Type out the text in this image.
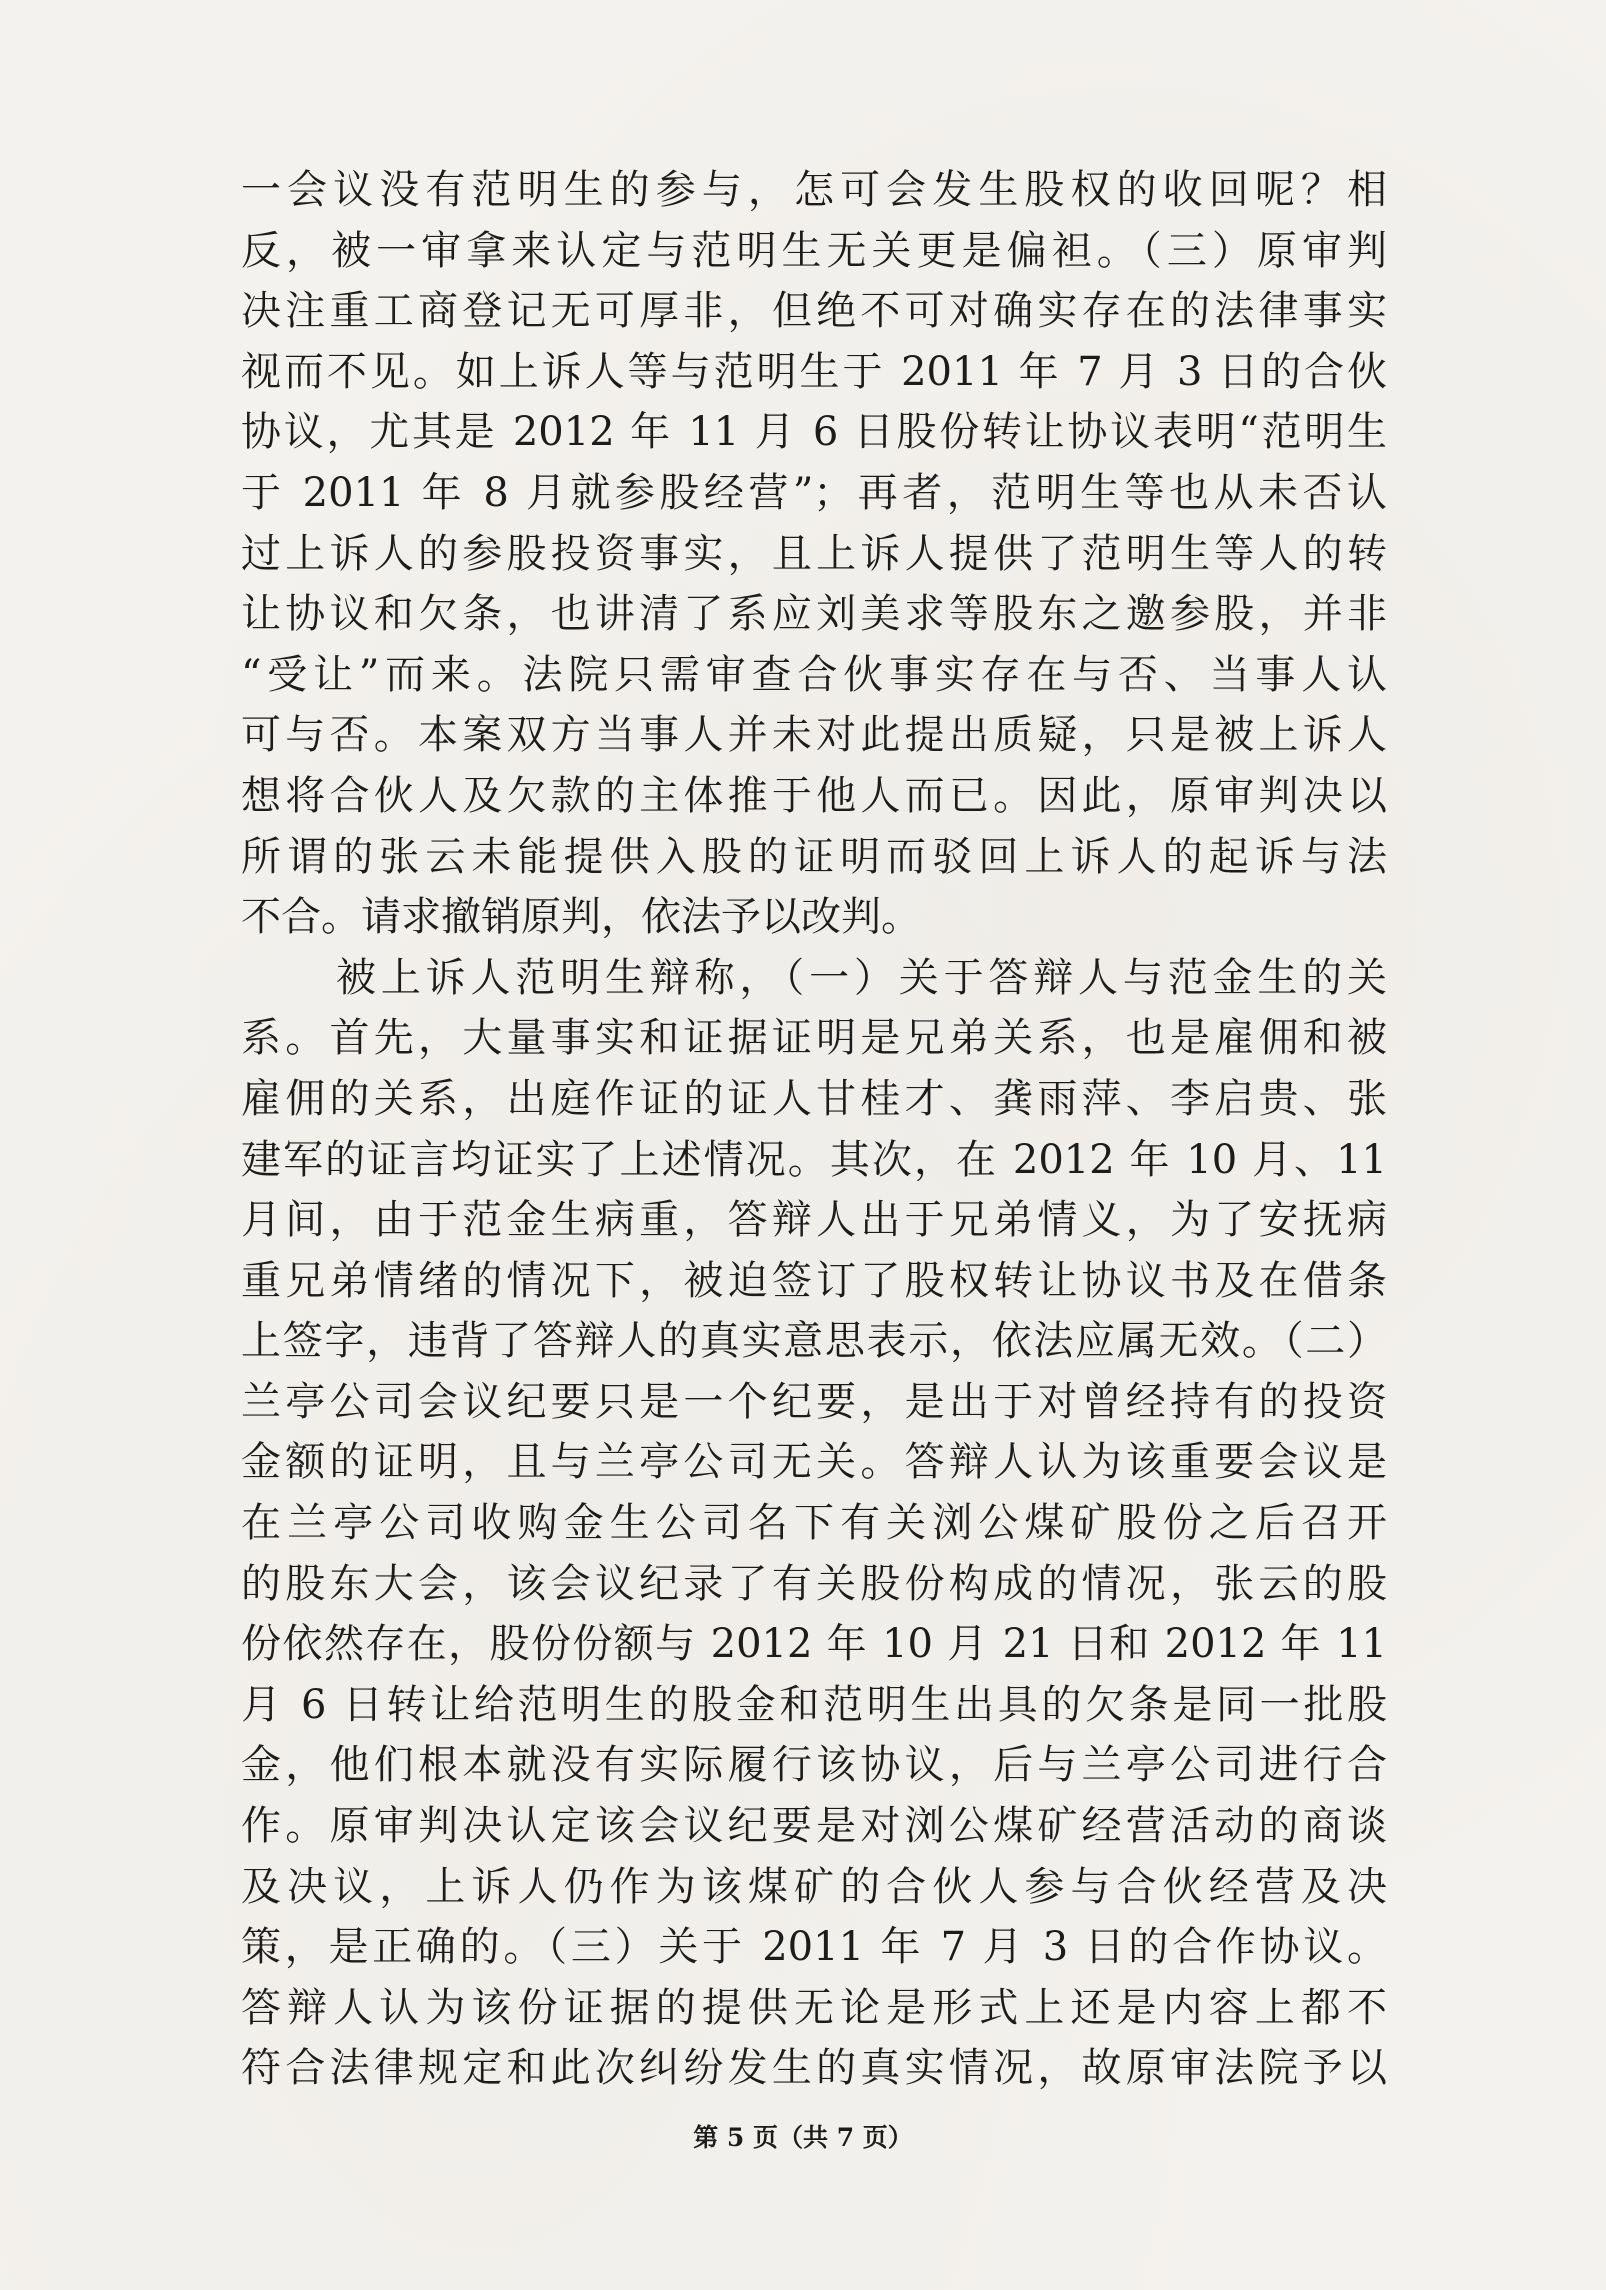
一会议没有范明生的参与，怎可会发生股权的收回呢？相
反，被一审拿来认定与范明生无关更是偏袒。（三）原审判
决注重工商登记无可厚非，但绝不可对确实存在的法律事实
视而不见。如上诉人等与范明生于 2011 年 7 月 3 日的合伙
协议，尤其是 2012 年 11 月 6 日股份转让协议表明“范明生
于 2011 年 8 月就参股经营”；再者，范明生等也从未否认
过上诉人的参股投资事实，且上诉人提供了范明生等人的转
让协议和欠条，也讲清了系应刘美求等股东之邀参股，并非
“受让”而来。法院只需审查合伙事实存在与否、当事人认
可与否。本案双方当事人并未对此提出质疑，只是被上诉人
想将合伙人及欠款的主体推于他人而已。因此，原审判决以
所谓的张云未能提供入股的证明而驳回上诉人的起诉与法
不合。请求撤销原判，依法予以改判。
被上诉人范明生辩称，（一）关于答辩人与范金生的关
系。首先，大量事实和证据证明是兄弟关系，也是雇佣和被
雇佣的关系，出庭作证的证人甘桂才、龚雨萍、李启贵、张
建军的证言均证实了上述情况。其次，在 2012 年 10 月、11
月间，由于范金生病重，答辩人出于兄弟情义，为了安抚病
重兄弟情绪的情况下，被迫签订了股权转让协议书及在借条
上签字，违背了答辩人的真实意思表示，依法应属无效。（二）
兰亭公司会议纪要只是一个纪要，是出于对曾经持有的投资
金额的证明，且与兰亭公司无关。答辩人认为该重要会议是
在兰亭公司收购金生公司名下有关浏公煤矿股份之后召开
的股东大会，该会议纪录了有关股份构成的情况，张云的股
份依然存在，股份份额与 2012 年 10 月 21 日和 2012 年 11
月 6 日转让给范明生的股金和范明生出具的欠条是同一批股
金，他们根本就没有实际履行该协议，后与兰亭公司进行合
作。原审判决认定该会议纪要是对浏公煤矿经营活动的商谈
及决议，上诉人仍作为该煤矿的合伙人参与合伙经营及决
策，是正确的。（三）关于 2011 年 7 月 3 日的合作协议。
答辩人认为该份证据的提供无论是形式上还是内容上都不
符合法律规定和此次纠纷发生的真实情况，故原审法院予以
第 5 页（共 7 页）
